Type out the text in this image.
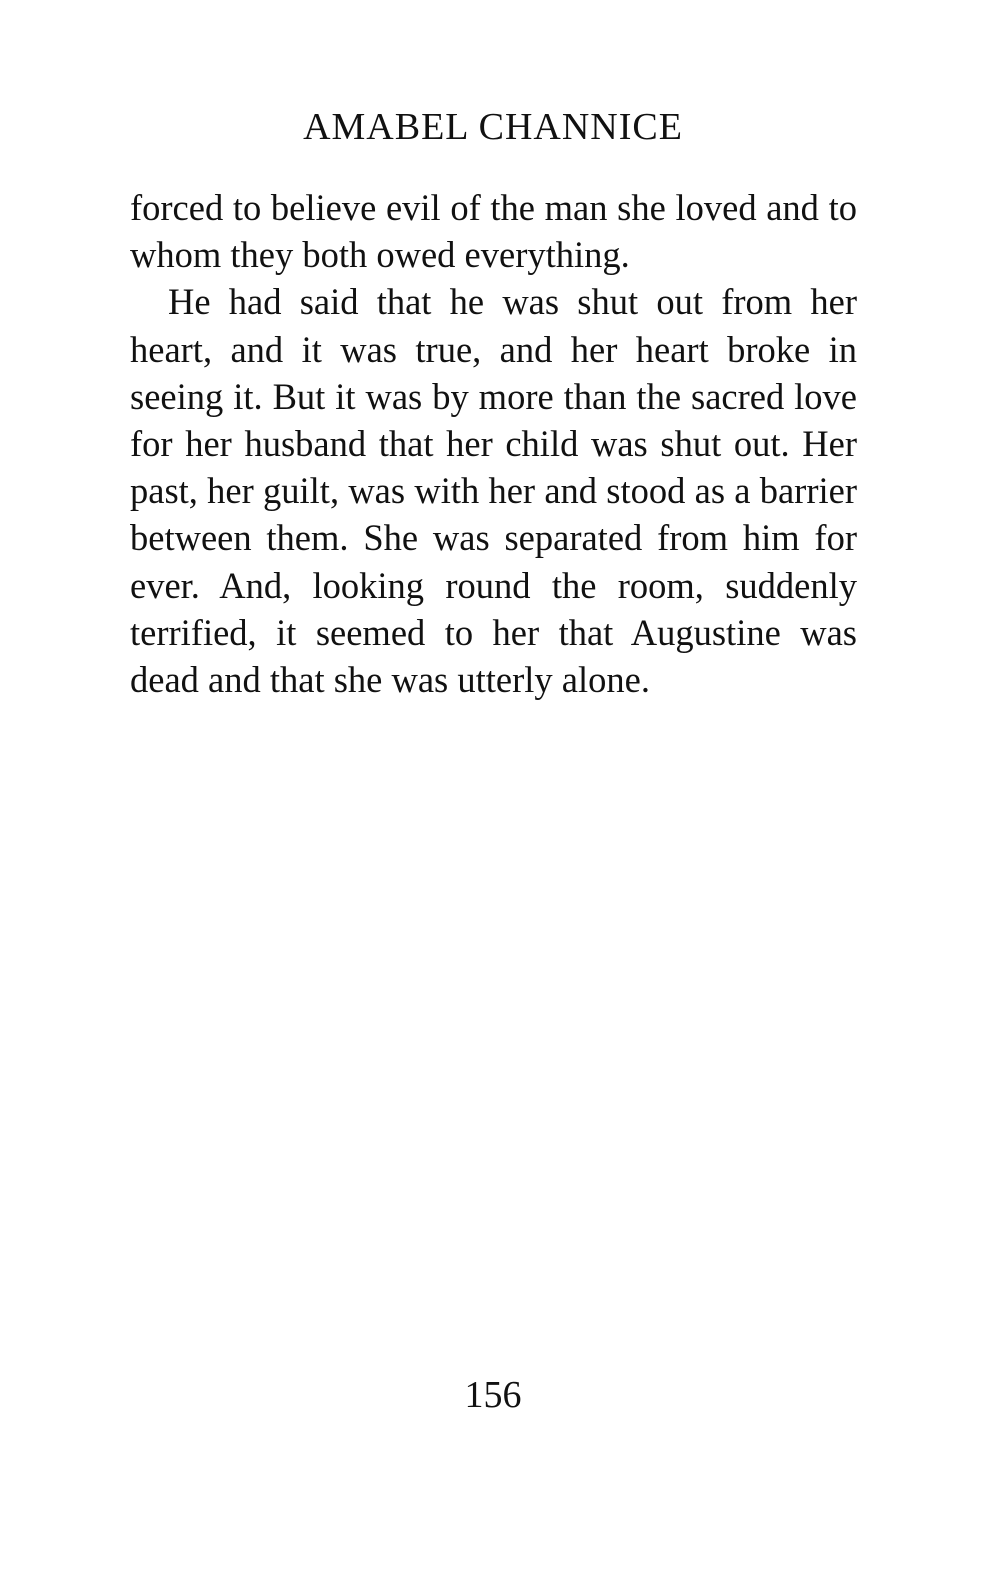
AMABEL CHANNICE

forced to believe evil of the man she loved and to whom they both owed everything.

He had said that he was shut out from her heart, and it was true, and her heart broke in seeing it. But it was by more than the sacred love for her husband that her child was shut out. Her past, her guilt, was with her and stood as a barrier between them. She was separated from him for ever. And, looking round the room, suddenly terrified, it seemed to her that Augustine was dead and that she was utterly alone.

156
